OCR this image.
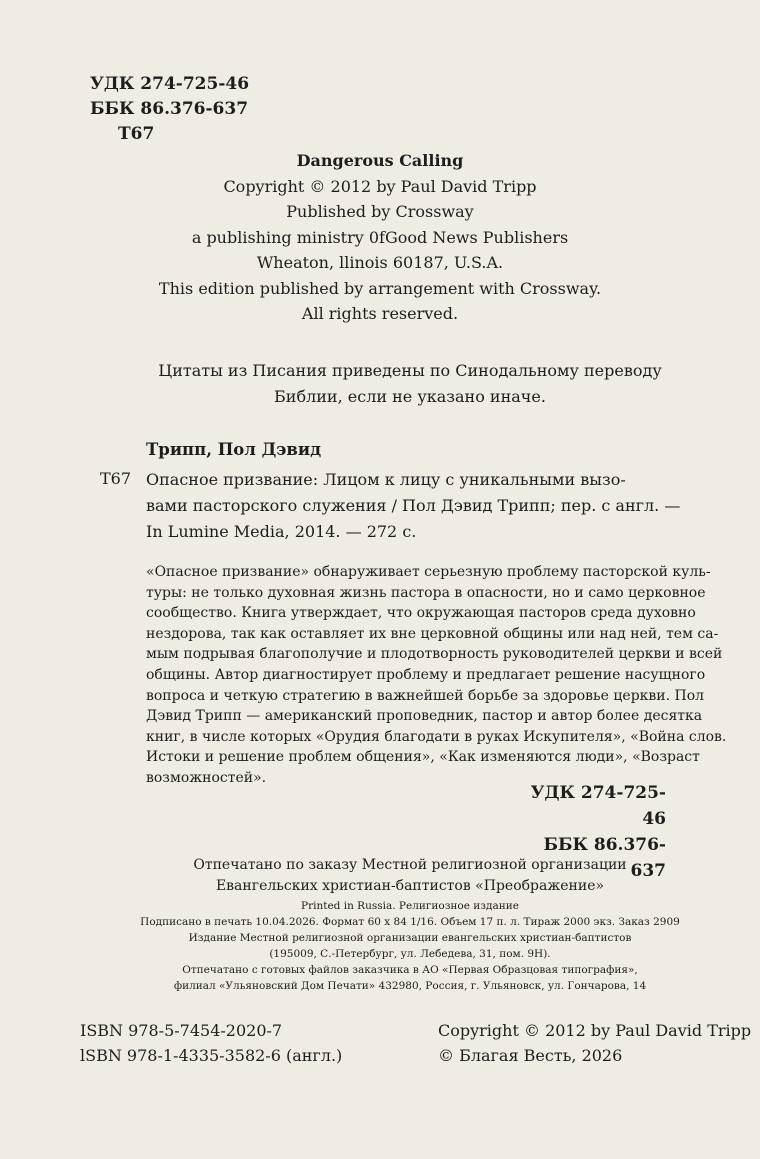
УДК 274-725-46
ББК 86.376-637
Т67
Dangerous Calling
Copyright © 2012 by Paul David Tripp
Published by Crossway
a publishing ministry 0fGood News Publishers
Wheaton, llinois 60187, U.S.A.
This edition published by arrangement with Crossway.
All rights reserved.
Цитаты из Писания приведены по Синодальному переводу
Библии, если не указано иначе.
Трипп, Пол Дэвид
Т67 Опасное призвание: Лицом к лицу с уникальными вызо-
вами пасторского служения / Пол Дэвид Трипп; пер. с англ. —
In Lumine Media, 2014. — 272 с.
«Опасное призвание» обнаруживает серьезную проблему пасторской куль-
туры: не только духовная жизнь пастора в опасности, но и само церковное
сообщество. Книга утверждает, что окружающая пасторов среда духовно
нездорова, так как оставляет их вне церковной общины или над ней, тем са-
мым подрывая благополучие и плодотворность руководителей церкви и всей
общины. Автор диагностирует проблему и предлагает решение насущного
вопроса и четкую стратегию в важнейшей борьбе за здоровье церкви. Пол
Дэвид Трипп — американский проповедник, пастор и автор более десятка
книг, в числе которых «Орудия благодати в руках Искупителя», «Война слов.
Истоки и решение проблем общения», «Как изменяются люди», «Возраст
возможностей».
УДК 274-725-46
ББК 86.376-637
Отпечатано по заказу Местной религиозной организации
Евангельских христиан-баптистов «Преображение»
Printed in Russia. Религиозное издание
Подписано в печать 10.04.2026. Формат 60 х 84 1/16. Объем 17 п. л. Тираж 2000 экз. Заказ 2909
Издание Местной религиозной организации евангельских христиан-баптистов
(195009, С.-Петербург, ул. Лебедева, 31, пом. 9Н).
Отпечатано с готовых файлов заказчика в АО «Первая Образцовая типография»,
филиал «Ульяновский Дом Печати» 432980, Россия, г. Ульяновск, ул. Гончарова, 14
ISBN 978-5-7454-2020-7
lSBN 978-1-4335-3582-6 (англ.)
Copyright © 2012 by Paul David Tripp
© Благая Весть, 2026
